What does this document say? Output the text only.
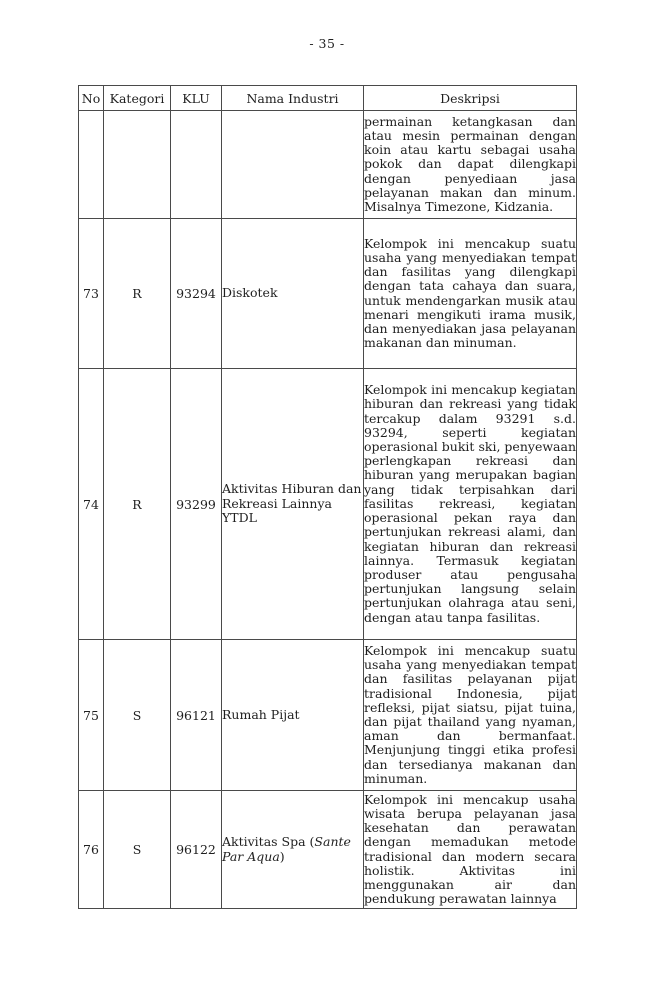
- 35 -
No	Kategori	KLU	Nama Industri	Deskripsi
				permainan ketangkasan dan atau mesin permainan dengan koin atau kartu sebagai usaha pokok dan dapat dilengkapi dengan penyediaan jasa pelayanan makan dan minum. Misalnya Timezone, Kidzania.
73	R	93294	Diskotek	Kelompok ini mencakup suatu usaha yang menyediakan tempat dan fasilitas yang dilengkapi dengan tata cahaya dan suara, untuk mendengarkan musik atau menari mengikuti irama musik, dan menyediakan jasa pelayanan makanan dan minuman.
74	R	93299	Aktivitas Hiburan dan Rekreasi Lainnya YTDL	Kelompok ini mencakup kegiatan hiburan dan rekreasi yang tidak tercakup dalam 93291 s.d. 93294, seperti kegiatan operasional bukit ski, penyewaan perlengkapan rekreasi dan hiburan yang merupakan bagian yang tidak terpisahkan dari fasilitas rekreasi, kegiatan operasional pekan raya dan pertunjukan rekreasi alami, dan kegiatan hiburan dan rekreasi lainnya. Termasuk kegiatan produser atau pengusaha pertunjukan langsung selain pertunjukan olahraga atau seni, dengan atau tanpa fasilitas.
75	S	96121	Rumah Pijat	Kelompok ini mencakup suatu usaha yang menyediakan tempat dan fasilitas pelayanan pijat tradisional Indonesia, pijat refleksi, pijat siatsu, pijat tuina, dan pijat thailand yang nyaman, aman dan bermanfaat. Menjunjung tinggi etika profesi dan tersedianya makanan dan minuman.
76	S	96122	Aktivitas Spa (Sante Par Aqua)	Kelompok ini mencakup usaha wisata berupa pelayanan jasa kesehatan dan perawatan dengan memadukan metode tradisional dan modern secara holistik. Aktivitas ini menggunakan air dan pendukung perawatan lainnya
